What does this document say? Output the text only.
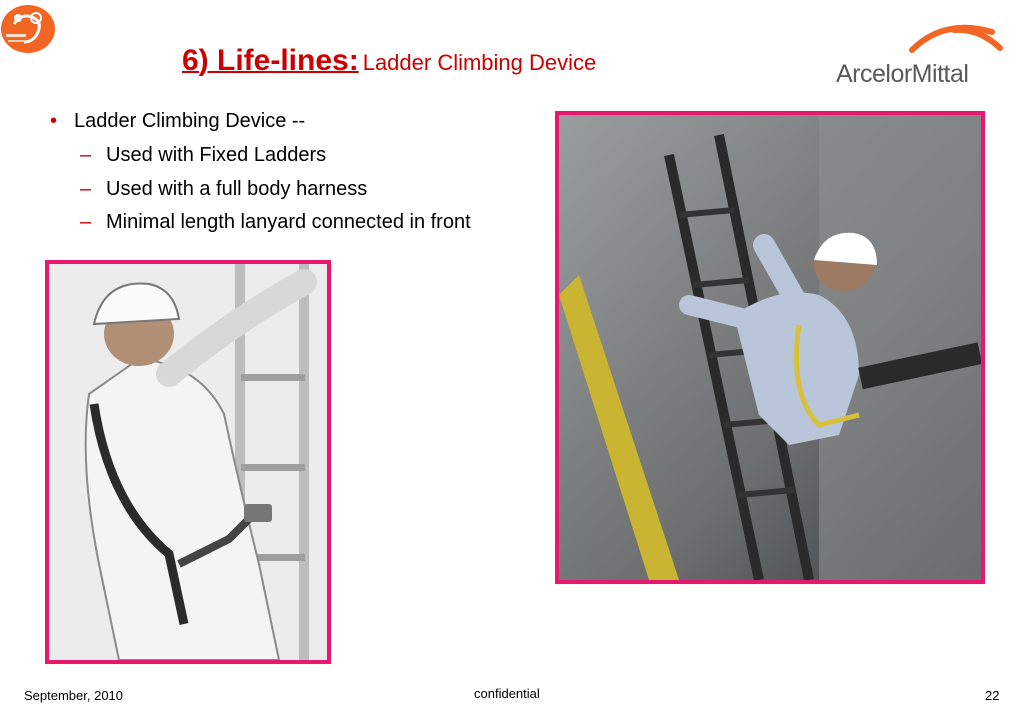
6) Life-lines: Ladder Climbing Device	ArcelorMittal
• Ladder Climbing Device --
– Used with Fixed Ladders
– Used with a full body harness
– Minimal length lanyard connected in front
September, 2010	confidential	22
